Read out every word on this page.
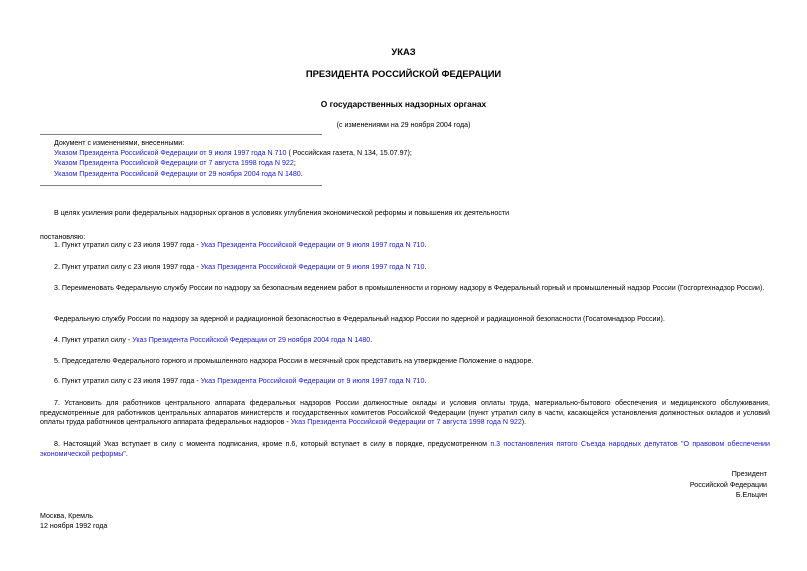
УКАЗ
ПРЕЗИДЕНТА РОССИЙСКОЙ ФЕДЕРАЦИИ
О государственных надзорных органах
(с изменениями на 29 ноября 2004 года)
Документ с изменениями, внесенными:
Указом Президента Российской Федерации от 9 июля 1997 года N 710 ( Российская газета, N 134, 15.07.97);
Указом Президента Российской Федерации от 7 августа 1998 года N 922;
Указом Президента Российской Федерации от 29 ноября 2004 года N 1480.
В целях усиления роли федеральных надзорных органов в условиях углубления экономической реформы и повышения их деятельности
постановляю:
1. Пункт утратил силу с 23 июля 1997 года - Указ Президента Российской Федерации от 9 июля 1997 года N 710.
2. Пункт утратил силу с 23 июля 1997 года - Указ Президента Российской Федерации от 9 июля 1997 года N 710.
3. Переименовать Федеральную службу России по надзору за безопасным ведением работ в промышленности и горному надзору в Федеральный горный и промышленный надзор России (Госгортехнадзор России).
Федеральную службу России по надзору за ядерной и радиационной безопасностью в Федеральный надзор России по ядерной и радиационной безопасности (Госатомнадзор России).
4. Пункт утратил силу - Указ Президента Российской Федерации от 29 ноября 2004 года N 1480.
5. Председателю Федерального горного и промышленного надзора России в месячный срок представить на утверждение Положение о надзоре.
6. Пункт утратил силу с 23 июля 1997 года - Указ Президента Российской Федерации от 9 июля 1997 года N 710.
7. Установить для работников центрального аппарата федеральных надзоров России должностные оклады и условия оплаты труда, материально-бытового обеспечения и медицинского обслуживания, предусмотренные для работников центральных аппаратов министерств и государственных комитетов Российской Федерации (пункт утратил силу в части, касающейся установления должностных окладов и условий оплаты труда работников центрального аппарата федеральных надзоров - Указ Президента Российской Федерации от 7 августа 1998 года N 922).
8. Настоящий Указ вступает в силу с момента подписания, кроме п.6, который вступает в силу в порядке, предусмотренном п.3 постановления пятого Съезда народных депутатов "О правовом обеспечении экономической реформы".
Президент
Российской Федерации
Б.Ельцин
Москва, Кремль
12 ноября 1992 года
